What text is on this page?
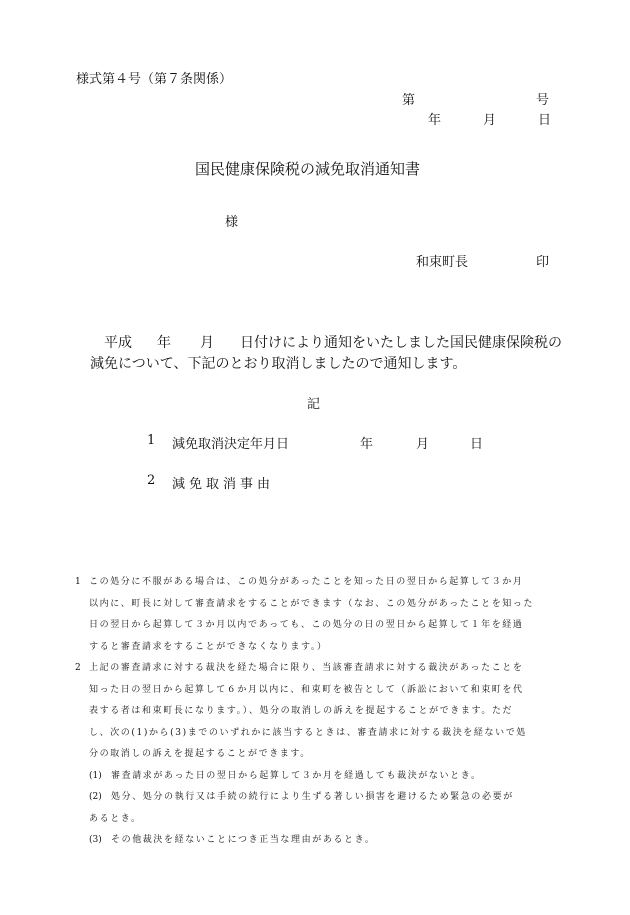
様式第４号（第７条関係）
第	号
年	月	日
国民健康保険税の減免取消通知書
様
和束町長	印
平成 年 月 日付けにより通知をいたしました国民健康保険税の
減免について、下記のとおり取消しましたので通知します。
記
1 減免取消決定年月日	年	月	日
2 減免取消事由
1 この処分に不服がある場合は、この処分があったことを知った日の翌日から起算して３か月
以内に、町長に対して審査請求をすることができます（なお、この処分があったことを知った
日の翌日から起算して３か月以内であっても、この処分の日の翌日から起算して１年を経過
すると審査請求をすることができなくなります。）
2 上記の審査請求に対する裁決を経た場合に限り、当該審査請求に対する裁決があったことを
知った日の翌日から起算して６か月以内に、和束町を被告として（訴訟において和束町を代
表する者は和束町長になります。）、処分の取消しの訴えを提起することができます。ただ
し、次の(1)から(3)までのいずれかに該当するときは、審査請求に対する裁決を経ないで処
分の取消しの訴えを提起することができます。
(1) 審査請求があった日の翌日から起算して３か月を経過しても裁決がないとき。
(2) 処分、処分の執行又は手続の続行により生ずる著しい損害を避けるため緊急の必要が
あるとき。
(3) その他裁決を経ないことにつき正当な理由があるとき。
